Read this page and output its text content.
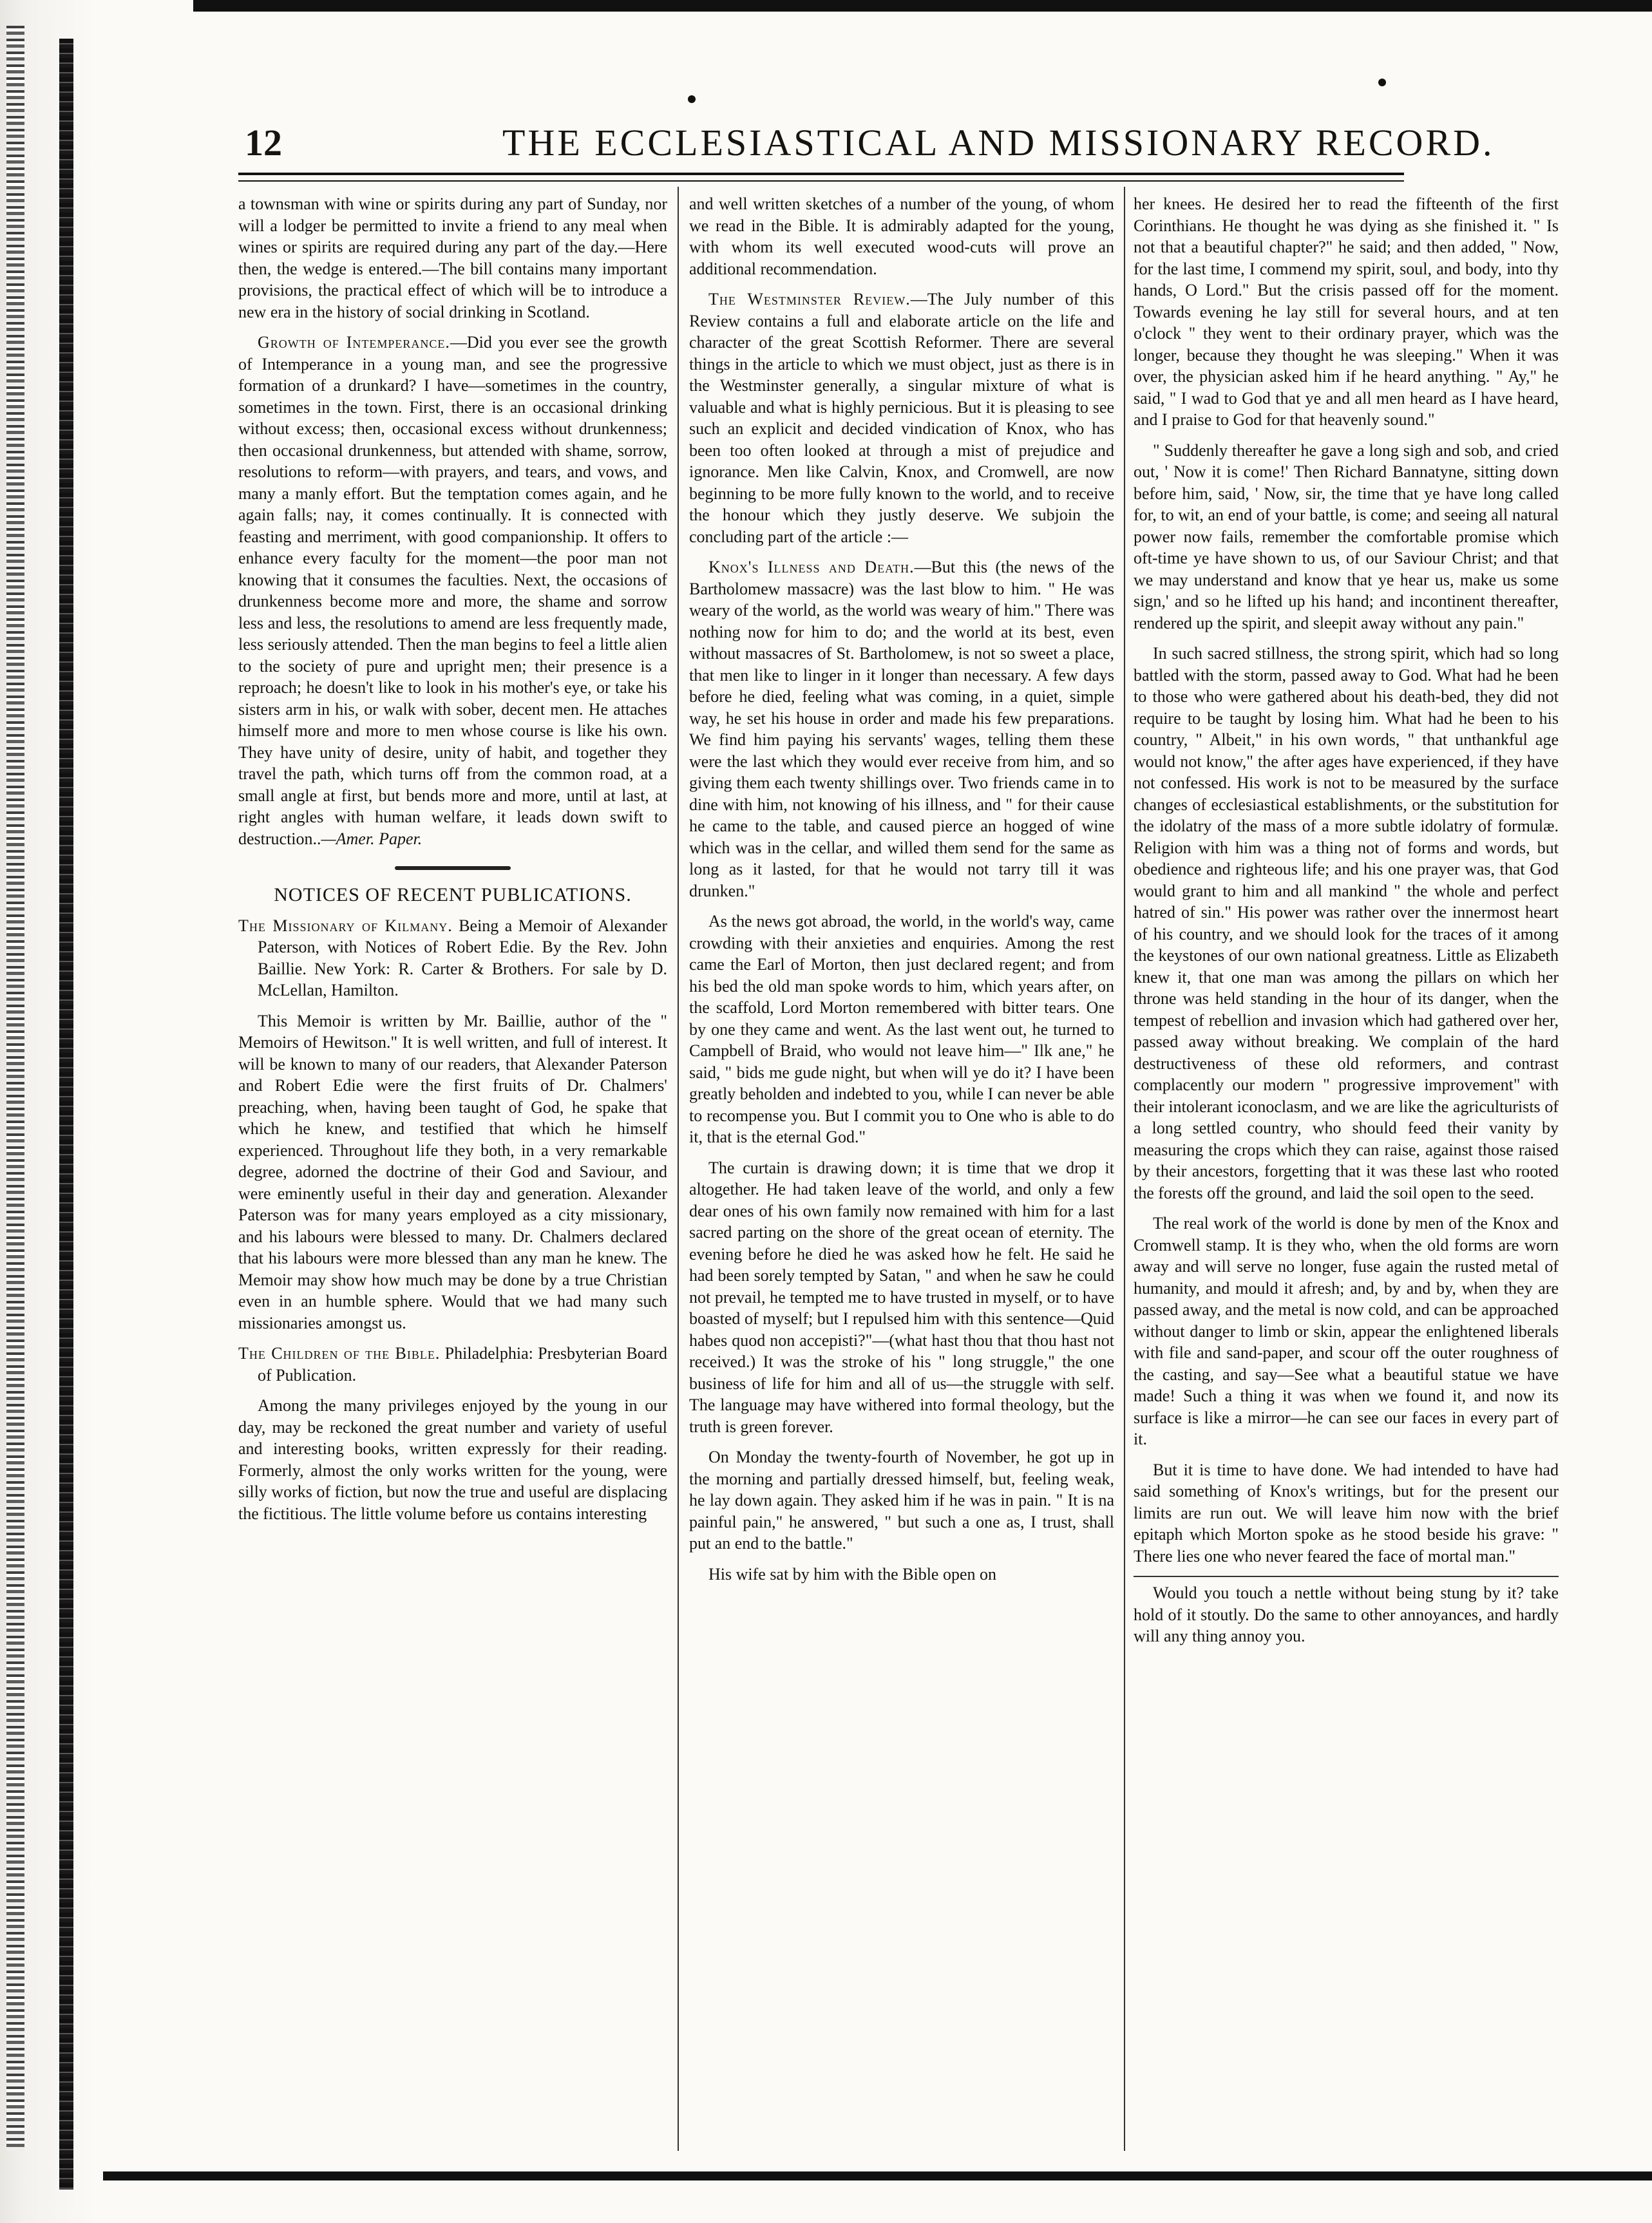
12	THE ECCLESIASTICAL AND MISSIONARY RECORD.

a townsman with wine or spirits during any part of Sunday, nor will a lodger be permitted to invite a friend to any meal when wines or spirits are required during any part of the day.—Here then, the wedge is entered.—The bill contains many important provisions, the practical effect of which will be to introduce a new era in the history of social drinking in Scotland.

Growth of Intemperance.—Did you ever see the growth of Intemperance in a young man, and see the progressive formation of a drunkard? I have—sometimes in the country, sometimes in the town. First, there is an occasional drinking without excess; then, occasional excess without drunkenness; then occasional drunkenness, but attended with shame, sorrow, resolutions to reform—with prayers, and tears, and vows, and many a manly effort. But the temptation comes again, and he again falls; nay, it comes continually. It is connected with feasting and merriment, with good companionship. It offers to enhance every faculty for the moment—the poor man not knowing that it consumes the faculties. Next, the occasions of drunkenness become more and more, the shame and sorrow less and less, the resolutions to amend are less frequently made, less seriously attended. Then the man begins to feel a little alien to the society of pure and upright men; their presence is a reproach; he doesn't like to look in his mother's eye, or take his sisters arm in his, or walk with sober, decent men. He attaches himself more and more to men whose course is like his own. They have unity of desire, unity of habit, and together they travel the path, which turns off from the common road, at a small angle at first, but bends more and more, until at last, at right angles with human welfare, it leads down swift to destruction..—Amer. Paper.

NOTICES OF RECENT PUBLICATIONS.

The Missionary of Kilmany. Being a Memoir of Alexander Paterson, with Notices of Robert Edie. By the Rev. John Baillie. New York: R. Carter & Brothers. For sale by D. McLellan, Hamilton.

This Memoir is written by Mr. Baillie, author of the " Memoirs of Hewitson." It is well written, and full of interest. It will be known to many of our readers, that Alexander Paterson and Robert Edie were the first fruits of Dr. Chalmers' preaching, when, having been taught of God, he spake that which he knew, and testified that which he himself experienced. Throughout life they both, in a very remarkable degree, adorned the doctrine of their God and Saviour, and were eminently useful in their day and generation. Alexander Paterson was for many years employed as a city missionary, and his labours were blessed to many. Dr. Chalmers declared that his labours were more blessed than any man he knew. The Memoir may show how much may be done by a true Christian even in an humble sphere. Would that we had many such missionaries amongst us.

The Children of the Bible. Philadelphia: Presbyterian Board of Publication.

Among the many privileges enjoyed by the young in our day, may be reckoned the great number and variety of useful and interesting books, written expressly for their reading. Formerly, almost the only works written for the young, were silly works of fiction, but now the true and useful are displacing the fictitious. The little volume before us contains interesting

and well written sketches of a number of the young, of whom we read in the Bible. It is admirably adapted for the young, with whom its well executed wood-cuts will prove an additional recommendation.

The Westminster Review.—The July number of this Review contains a full and elaborate article on the life and character of the great Scottish Reformer. There are several things in the article to which we must object, just as there is in the Westminster generally, a singular mixture of what is valuable and what is highly pernicious. But it is pleasing to see such an explicit and decided vindication of Knox, who has been too often looked at through a mist of prejudice and ignorance. Men like Calvin, Knox, and Cromwell, are now beginning to be more fully known to the world, and to receive the honour which they justly deserve. We subjoin the concluding part of the article :—

Knox's Illness and Death.—But this (the news of the Bartholomew massacre) was the last blow to him. " He was weary of the world, as the world was weary of him." There was nothing now for him to do; and the world at its best, even without massacres of St. Bartholomew, is not so sweet a place, that men like to linger in it longer than necessary. A few days before he died, feeling what was coming, in a quiet, simple way, he set his house in order and made his few preparations. We find him paying his servants' wages, telling them these were the last which they would ever receive from him, and so giving them each twenty shillings over. Two friends came in to dine with him, not knowing of his illness, and " for their cause he came to the table, and caused pierce an hogged of wine which was in the cellar, and willed them send for the same as long as it lasted, for that he would not tarry till it was drunken."

As the news got abroad, the world, in the world's way, came crowding with their anxieties and enquiries. Among the rest came the Earl of Morton, then just declared regent; and from his bed the old man spoke words to him, which years after, on the scaffold, Lord Morton remembered with bitter tears. One by one they came and went. As the last went out, he turned to Campbell of Braid, who would not leave him—" Ilk ane," he said, " bids me gude night, but when will ye do it? I have been greatly beholden and indebted to you, while I can never be able to recompense you. But I commit you to One who is able to do it, that is the eternal God."

The curtain is drawing down; it is time that we drop it altogether. He had taken leave of the world, and only a few dear ones of his own family now remained with him for a last sacred parting on the shore of the great ocean of eternity. The evening before he died he was asked how he felt. He said he had been sorely tempted by Satan, " and when he saw he could not prevail, he tempted me to have trusted in myself, or to have boasted of myself; but I repulsed him with this sentence—Quid habes quod non accepisti?"—(what hast thou that thou hast not received.) It was the stroke of his " long struggle," the one business of life for him and all of us—the struggle with self. The language may have withered into formal theology, but the truth is green forever.

On Monday the twenty-fourth of November, he got up in the morning and partially dressed himself, but, feeling weak, he lay down again. They asked him if he was in pain. " It is na painful pain," he answered, " but such a one as, I trust, shall put an end to the battle."

His wife sat by him with the Bible open on

her knees. He desired her to read the fifteenth of the first Corinthians. He thought he was dying as she finished it. " Is not that a beautiful chapter?" he said; and then added, " Now, for the last time, I commend my spirit, soul, and body, into thy hands, O Lord." But the crisis passed off for the moment. Towards evening he lay still for several hours, and at ten o'clock " they went to their ordinary prayer, which was the longer, because they thought he was sleeping." When it was over, the physician asked him if he heard anything. " Ay," he said, " I wad to God that ye and all men heard as I have heard, and I praise to God for that heavenly sound."

" Suddenly thereafter he gave a long sigh and sob, and cried out, ' Now it is come!' Then Richard Bannatyne, sitting down before him, said, ' Now, sir, the time that ye have long called for, to wit, an end of your battle, is come; and seeing all natural power now fails, remember the comfortable promise which oft-time ye have shown to us, of our Saviour Christ; and that we may understand and know that ye hear us, make us some sign,' and so he lifted up his hand; and incontinent thereafter, rendered up the spirit, and sleepit away without any pain."

In such sacred stillness, the strong spirit, which had so long battled with the storm, passed away to God. What had he been to those who were gathered about his death-bed, they did not require to be taught by losing him. What had he been to his country, " Albeit," in his own words, " that unthankful age would not know," the after ages have experienced, if they have not confessed. His work is not to be measured by the surface changes of ecclesiastical establishments, or the substitution for the idolatry of the mass of a more subtle idolatry of formulæ. Religion with him was a thing not of forms and words, but obedience and righteous life; and his one prayer was, that God would grant to him and all mankind " the whole and perfect hatred of sin." His power was rather over the innermost heart of his country, and we should look for the traces of it among the keystones of our own national greatness. Little as Elizabeth knew it, that one man was among the pillars on which her throne was held standing in the hour of its danger, when the tempest of rebellion and invasion which had gathered over her, passed away without breaking. We complain of the hard destructiveness of these old reformers, and contrast complacently our modern " progressive improvement" with their intolerant iconoclasm, and we are like the agriculturists of a long settled country, who should feed their vanity by measuring the crops which they can raise, against those raised by their ancestors, forgetting that it was these last who rooted the forests off the ground, and laid the soil open to the seed.

The real work of the world is done by men of the Knox and Cromwell stamp. It is they who, when the old forms are worn away and will serve no longer, fuse again the rusted metal of humanity, and mould it afresh; and, by and by, when they are passed away, and the metal is now cold, and can be approached without danger to limb or skin, appear the enlightened liberals with file and sand-paper, and scour off the outer roughness of the casting, and say—See what a beautiful statue we have made! Such a thing it was when we found it, and now its surface is like a mirror—he can see our faces in every part of it.

But it is time to have done. We had intended to have had said something of Knox's writings, but for the present our limits are run out. We will leave him now with the brief epitaph which Morton spoke as he stood beside his grave: " There lies one who never feared the face of mortal man."

Would you touch a nettle without being stung by it? take hold of it stoutly. Do the same to other annoyances, and hardly will any thing annoy you.
